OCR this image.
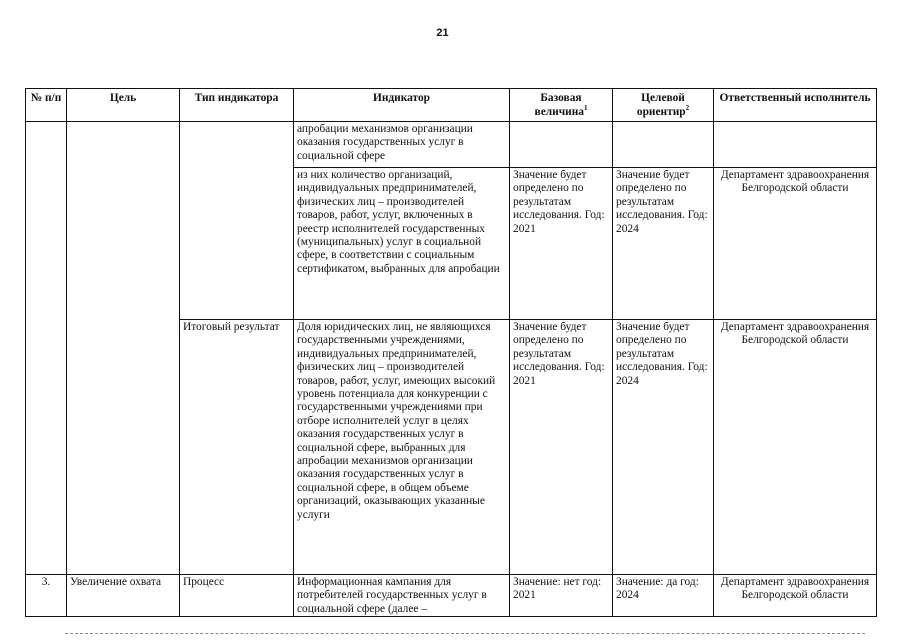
21
№ п/п	Цель	Тип индикатора	Индикатор	Базовая величина$^1$	Целевой ориентир$^2$	Ответственный исполнитель
			апробации механизмов организации оказания государственных услуг в социальной сфере			
			из них количество организаций, индивидуальных предпринимателей, физических лиц – производителей товаров, работ, услуг, включенных в реестр исполнителей государственных (муниципальных) услуг в социальной сфере, в соответствии с социальным сертификатом, выбранных для апробации	Значение будет определено по результатам исследования. Год: 2021	Значение будет определено по результатам исследования. Год: 2024	Департамент здравоохранения Белгородской области
		Итоговый результат	Доля юридических лиц, не являющихся государственными учреждениями, индивидуальных предпринимателей, физических лиц – производителей товаров, работ, услуг, имеющих высокий уровень потенциала для конкуренции с государственными учреждениями при отборе исполнителей услуг в целях оказания государственных услуг в социальной сфере, выбранных для апробации механизмов организации оказания государственных услуг в социальной сфере, в общем объеме организаций, оказывающих указанные услуги	Значение будет определено по результатам исследования. Год: 2021	Значение будет определено по результатам исследования. Год: 2024	Департамент здравоохранения Белгородской области
3.	Увеличение охвата	Процесс	Информационная кампания для потребителей государственных услуг в социальной сфере (далее –	Значение: нет год: 2021	Значение: да год: 2024	Департамент здравоохранения Белгородской области
